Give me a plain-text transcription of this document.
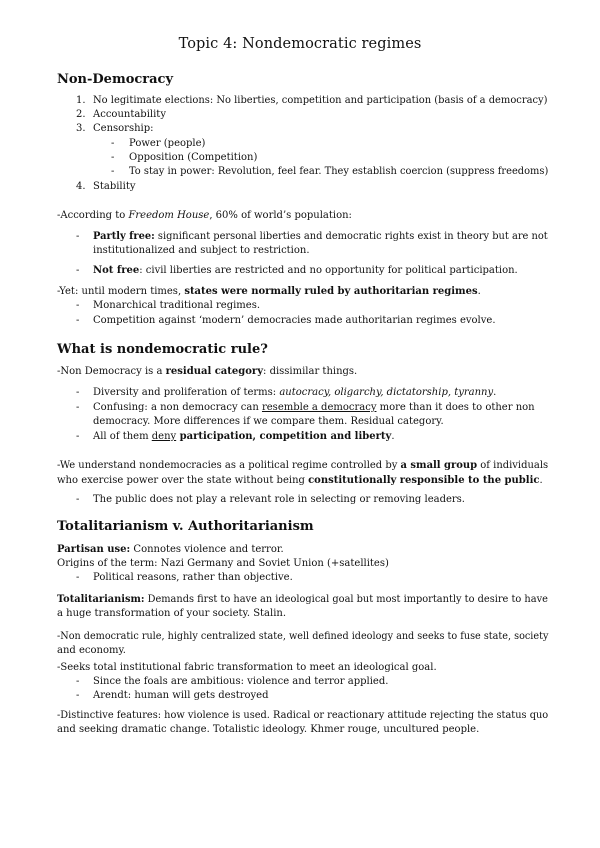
Topic 4: Nondemocratic regimes
Non-Democracy
1. No legitimate elections: No liberties, competition and participation (basis of a democracy)
2. Accountability
3. Censorship:
- Power (people)
- Opposition (Competition)
- To stay in power: Revolution, feel fear. They establish coercion (suppress freedoms)
4. Stability
-According to Freedom House, 60% of world’s population:
- Partly free: significant personal liberties and democratic rights exist in theory but are not
institutionalized and subject to restriction.
- Not free: civil liberties are restricted and no opportunity for political participation.
-Yet: until modern times, states were normally ruled by authoritarian regimes.
- Monarchical traditional regimes.
- Competition against ‘modern’ democracies made authoritarian regimes evolve.
What is nondemocratic rule?
-Non Democracy is a residual category: dissimilar things.
- Diversity and proliferation of terms: autocracy, oligarchy, dictatorship, tyranny.
- Confusing: a non democracy can resemble a democracy more than it does to other non
democracy. More differences if we compare them. Residual category.
- All of them deny participation, competition and liberty.
-We understand nondemocracies as a political regime controlled by a small group of individuals
who exercise power over the state without being constitutionally responsible to the public.
- The public does not play a relevant role in selecting or removing leaders.
Totalitarianism v. Authoritarianism
Partisan use: Connotes violence and terror.
Origins of the term: Nazi Germany and Soviet Union (+satellites)
- Political reasons, rather than objective.
Totalitarianism: Demands first to have an ideological goal but most importantly to desire to have
a huge transformation of your society. Stalin.
-Non democratic rule, highly centralized state, well defined ideology and seeks to fuse state, society
and economy.
-Seeks total institutional fabric transformation to meet an ideological goal.
- Since the foals are ambitious: violence and terror applied.
- Arendt: human will gets destroyed
-Distinctive features: how violence is used. Radical or reactionary attitude rejecting the status quo
and seeking dramatic change. Totalistic ideology. Khmer rouge, uncultured people.
